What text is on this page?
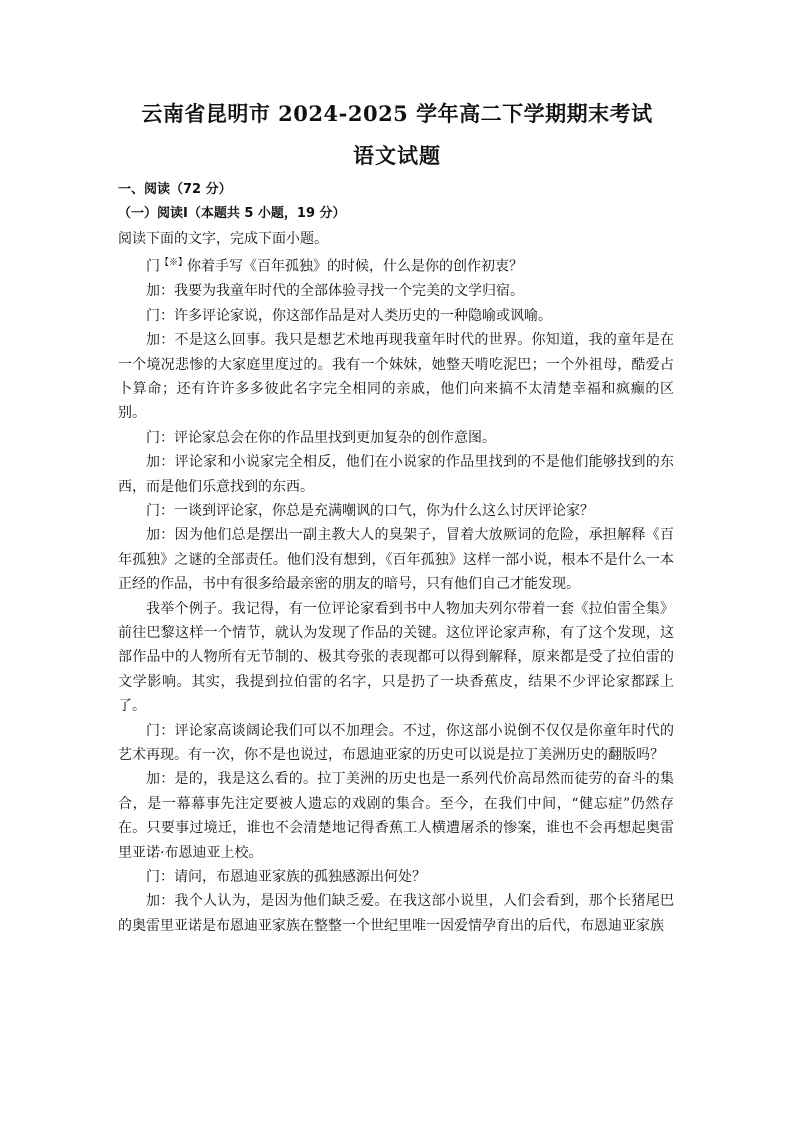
云南省昆明市 2024-2025 学年高二下学期期末考试
语文试题

一、阅读（72 分）

（一）阅读Ⅰ（本题共 5 小题，19 分）

阅读下面的文字，完成下面小题。

门【※】你着手写《百年孤独》的时候，什么是你的创作初衷？

加：我要为我童年时代的全部体验寻找一个完美的文学归宿。

门：许多评论家说，你这部作品是对人类历史的一种隐喻或讽喻。

加：不是这么回事。我只是想艺术地再现我童年时代的世界。你知道，我的童年是在一个境况悲惨的大家庭里度过的。我有一个妹妹，她整天啃吃泥巴；一个外祖母，酷爱占卜算命；还有许许多多彼此名字完全相同的亲戚，他们向来搞不太清楚幸福和疯癫的区别。

门：评论家总会在你的作品里找到更加复杂的创作意图。

加：评论家和小说家完全相反，他们在小说家的作品里找到的不是他们能够找到的东西，而是他们乐意找到的东西。

门：一谈到评论家，你总是充满嘲讽的口气，你为什么这么讨厌评论家？

加：因为他们总是摆出一副主教大人的臭架子，冒着大放厥词的危险，承担解释《百年孤独》之谜的全部责任。他们没有想到，《百年孤独》这样一部小说，根本不是什么一本正经的作品，书中有很多给最亲密的朋友的暗号，只有他们自己才能发现。

我举个例子。我记得，有一位评论家看到书中人物加夫列尔带着一套《拉伯雷全集》前往巴黎这样一个情节，就认为发现了作品的关键。这位评论家声称，有了这个发现，这部作品中的人物所有无节制的、极其夸张的表现都可以得到解释，原来都是受了拉伯雷的文学影响。其实，我提到拉伯雷的名字，只是扔了一块香蕉皮，结果不少评论家都踩上了。

门：评论家高谈阔论我们可以不加理会。不过，你这部小说倒不仅仅是你童年时代的艺术再现。有一次，你不是也说过，布恩迪亚家的历史可以说是拉丁美洲历史的翻版吗？

加：是的，我是这么看的。拉丁美洲的历史也是一系列代价高昂然而徒劳的奋斗的集合，是一幕幕事先注定要被人遗忘的戏剧的集合。至今，在我们中间，“健忘症”仍然存在。只要事过境迁，谁也不会清楚地记得香蕉工人横遭屠杀的惨案，谁也不会再想起奥雷里亚诺·布恩迪亚上校。

门：请问，布恩迪亚家族的孤独感源出何处？

加：我个人认为，是因为他们缺乏爱。在我这部小说里，人们会看到，那个长猪尾巴的奥雷里亚诺是布恩迪亚家族在整整一个世纪里唯一因爱情孕育出的后代，布恩迪亚家族
